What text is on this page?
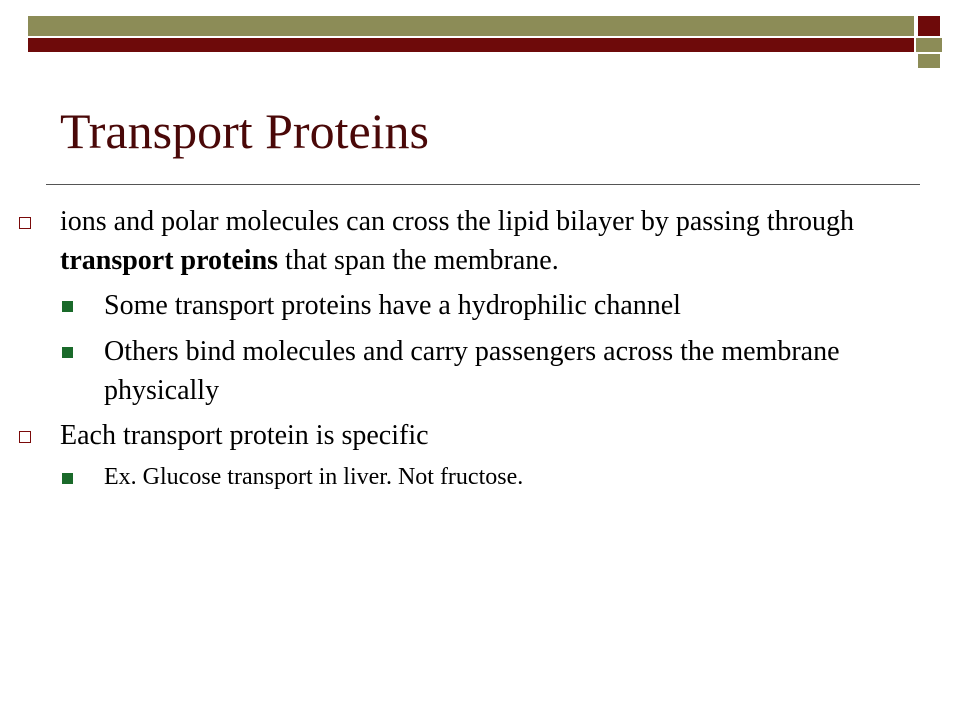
Transport Proteins
ions and polar molecules can cross the lipid bilayer by passing through transport proteins that span the membrane.
Some transport proteins have a hydrophilic channel
Others bind molecules and carry passengers across the membrane physically
Each transport protein is specific
Ex. Glucose transport in liver. Not fructose.
